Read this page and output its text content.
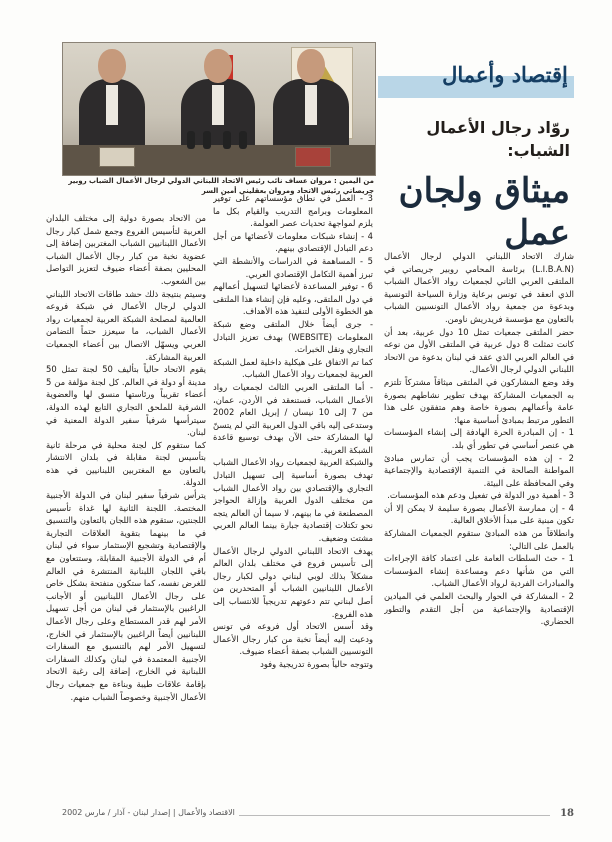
من اليمين : مروان عساف نائب رئيس الاتحاد اللبناني الدولي لرجال الأعمال الشباب روبير جريصاتي رئيس الاتحاد ومروان بعقليني أمين السر
إقتصاد وأعمال
روّاد رجال الأعمال الشباب:
ميثاق ولجان عمل
شارك الاتحاد اللبناني الدولي لرجال الأعمال (L.I.B.A.N) برئاسة المحامي روبير جريصاتي في الملتقى العربي الثاني لجمعيات رواد الأعمال الشباب الذي انعقد في تونس برعاية وزارة السياحة التونسية وبدعوة من جمعية رواد الأعمال التونسيين الشباب بالتعاون مع مؤسسة فريدريش ناومن.
حضر الملتقى جمعيات تمثل 10 دول عربية، بعد أن كانت تمثلت 8 دول عربية في الملتقى الأول من نوعه في العالم العربي الذي عقد في لبنان بدعوة من الاتحاد اللبناني الدولي لرجال الأعمال.
وقد وضع المشاركون في الملتقى ميثاقاً مشتركاً تلتزم به الجمعيات المشاركة بهدف تطوير نشاطهم بصورة عامة وأعمالهم بصورة خاصة وهم متفقون على هذا التطور مرتبط بمبادئ أساسية منها:
1 - إن المبادرة الحرة الهادفة إلى إنشاء المؤسسات هي عنصر أساسي في تطور أي بلد.
2 - إن هذه المؤسسات يجب أن تمارس مبادئ المواطنة الصالحة في التنمية الإقتصادية والإجتماعية وفي المحافظة على البيئة.
3 - أهمية دور الدولة في تفعيل ودعم هذه المؤسسات.
4 - إن ممارسة الأعمال بصورة سليمة لا يمكن إلا أن تكون مبنية على مبدأ الأخلاق العالية.
وانطلاقاً من هذه المبادئ ستقوم الجمعيات المشاركة بالعمل على التالي:
1 - حث السلطات العامة على اعتماد كافة الإجراءات التي من شأنها دعم ومساعدة إنشاء المؤسسات والمبادرات الفردية لرواد الأعمال الشباب.
2 - المشاركة في الحوار والبحث العلمي في الميادين الإقتصادية والإجتماعية من أجل التقدم والتطور الحضاري.
3 - العمل في نطاق مؤسساتهم على توفير المعلومات وبرامج التدريب والقيام بكل ما يلزم لمواجهة تحديات عصر العولمة.
4 - إنشاء شبكات معلومات لأعضائها من أجل دعم التبادل الإقتصادي بينهم.
5 - المساهمة في الدراسات والأنشطة التي تبرز أهمية التكامل الإقتصادي العربي.
6 - توفير المساعدة لأعضائها لتسهيل أعمالهم في دول الملتقى، وعليه فإن إنشاء هذا الملتقى هو الخطوة الأولى لتنفيذ هذه الأهداف.
- جرى أيضاً خلال الملتقى وضع شبكة المعلومات (WEBSITE) بهدف تعزيز التبادل التجاري ونقل الخبرات.
كما تم الاتفاق على هيكلية داخلية لعمل الشبكة العربية لجمعيات رواد الأعمال الشباب.
- أما الملتقى العربي الثالث لجمعيات رواد الأعمال الشباب، فستنعقد في الأردن، عمان، من 7 إلى 10 نيسان / إبريل العام 2002 وستدعى إليه باقي الدول العربية التي لم يتسنّ لها المشاركة حتى الآن بهدف توسيع قاعدة الشبكة العربية.
والشبكة العربية لجمعيات رواد الأعمال الشباب تهدف بصورة أساسية إلى تسهيل التبادل التجاري والإقتصادي بين رواد الأعمال الشباب من مختلف الدول العربية وإزالة الحواجز المصطنعة في ما بينهم، لا سيما أن العالم يتجه نحو تكتلات إقتصادية جبارة بينما العالم العربي مشتت وضعيف.
يهدف الاتحاد اللبناني الدولي لرجال الأعمال إلى تأسيس فروع في مختلف بلدان العالم مشكلاً بذلك لوبي لبناني دولي لكبار رجال الأعمال اللبنانيين الشباب أو المتحدرين من أصل لبناني تتم دعوتهم تدريجياً للانتساب إلى هذه الفروع.
وقد أسس الاتحاد أول فروعه في تونس ودعيت إليه أيضاً نخبة من كبار رجال الأعمال التونسيين الشباب بصفة أعضاء ضيوف.
وتتوجه حالياً بصورة تدريجية وفود
من الاتحاد بصورة دولية إلى مختلف البلدان العربية لتأسيس الفروع وجمع شمل كبار رجال الأعمال اللبنانيين الشباب المغتربين إضافة إلى عضوية نخبة من كبار رجال الأعمال الشباب المحليين بصفة أعضاء ضيوف لتعزيز التواصل بين الشعوب.
وسيتم بنتيجة ذلك حشد طاقات الاتحاد اللبناني الدولي لرجال الأعمال في شبكة فروعه العالمية لمصلحة الشبكة العربية لجمعيات رواد الأعمال الشباب، ما سيعزز حتماً التضامن العربي ويسهّل الاتصال بين أعضاء الجمعيات العربية المشاركة.
يقوم الاتحاد حالياً بتأليف 50 لجنة تمثل 50 مدينة أو دولة في العالم. كل لجنة مؤلفة من 5 أعضاء تقريباً ورئاستها منسق لها والعضوية الشرفية للملحق التجاري التابع لهذه الدولة، سيترأسها شرفياً سفير الدولة المعنية في لبنان.
كما ستقوم كل لجنة محلية في مرحلة ثانية بتأسيس لجنة مقابلة في بلدان الانتشار بالتعاون مع المغتربين اللبنانيين في هذه الدولة.
يترأس شرفياً سفير لبنان في الدولة الأجنبية المختصة. اللجنة الثانية لها غداة تأسيس اللجنتين، ستقوم هذه اللجان بالتعاون والتنسيق في ما بينهما بتقوية العلاقات التجارية والإقتصادية وتشجيع الإستثمار سواء في لبنان أم في الدولة الأجنبية المقابلة، وستتعاون مع باقي اللجان اللبنانية المنتشرة في العالم للغرض نفسه، كما ستكون منفتحة بشكل خاص على رجال الأعمال اللبنانيين أو الأجانب الراغبين بالإستثمار في لبنان من أجل تسهيل الأمر لهم قدر المستطاع وعلى رجال الأعمال اللبنانيين أيضاً الراغبين بالإستثمار في الخارج، لتسهيل الأمر لهم بالتنسيق مع السفارات الأجنبية المعتمدة في لبنان وكذلك السفارات اللبنانية في الخارج، إضافة إلى رغبة الاتحاد بإقامة علاقات طيبة وبناءة مع جمعيات رجال الأعمال الأجنبية وخصوصاً الشباب منهم.
18
الاقتصاد والأعمال | إصدار لبنان - آذار / مارس 2002
